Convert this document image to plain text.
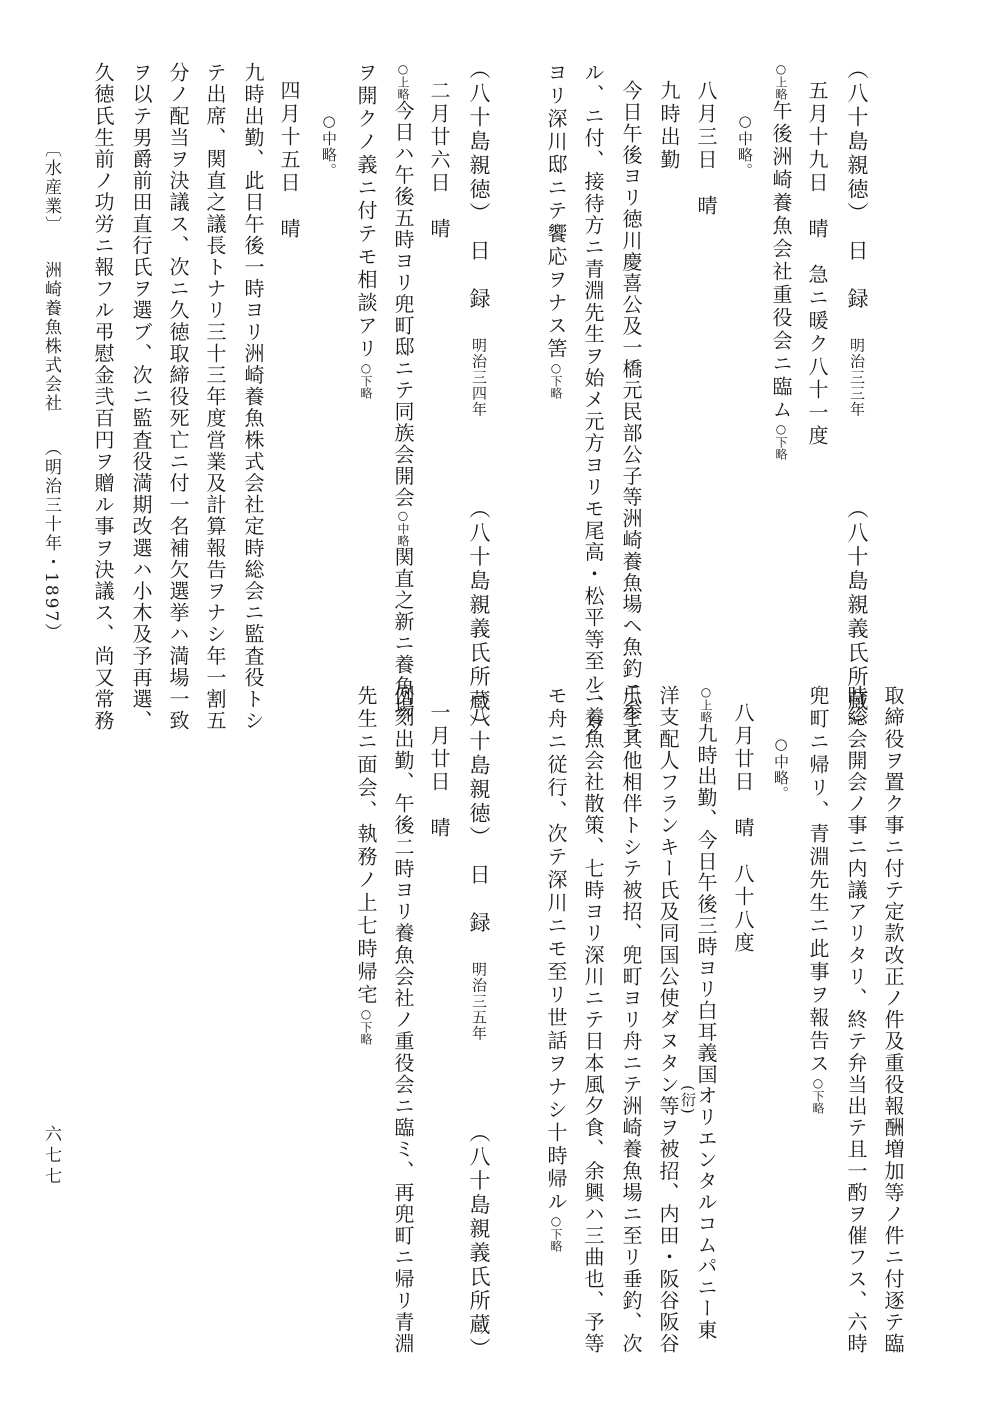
（八十島親徳）　日　録明治三三年（八十島親義氏所蔵）
五月十九日　晴　急ニ暖ク八十一度
○上略午後洲崎養魚会社重役会ニ臨ム○下略
○中略。
八月三日　晴
九時出勤
今日午後ヨリ徳川慶喜公及一橋元民部公子等洲崎養魚場ヘ魚釣ニ参ラ
ル、ニ付、接待方ニ青淵先生ヲ始メ元方ヨリモ尾高・松平等至ル、夕
ヨリ深川邸ニテ饗応ヲナス筈○下略
（八十島親徳）　日　録明治三四年（八十島親義氏所蔵）
二月廿六日　晴
○上略今日ハ午後五時ヨリ兜町邸ニテ同族会開会○中略関直之新ニ養魚場
ヲ開クノ義ニ付テモ相談アリ○下略
○中略。
四月十五日　晴
九時出勤、此日午後一時ヨリ洲崎養魚株式会社定時総会ニ監査役トシ
テ出席、関直之議長トナリ三十三年度営業及計算報告ヲナシ年一割五
分ノ配当ヲ決議ス、次ニ久徳取締役死亡ニ付一名補欠選挙ハ満場一致
ヲ以テ男爵前田直行氏ヲ選ブ、次ニ監査役満期改選ハ小木及予再選、
久徳氏生前ノ功労ニ報フル弔慰金弐百円ヲ贈ル事ヲ決議ス、尚又常務
〔水産業〕洲崎養魚株式会社（明治三十年・1897）
取締役ヲ置ク事ニ付テ定款改正ノ件及重役報酬増加等ノ件ニ付逐テ臨
時総会開会ノ事ニ内議アリタリ、終テ弁当出テ且一酌ヲ催フス、六時
兜町ニ帰リ、青淵先生ニ此事ヲ報告ス○下略
○中略。
八月廿日　晴　八十八度
○上略九時出勤、今日午後三時ヨリ白耳義国オリエンタルコムパニー東
(衍)
洋支配人フランキー氏及同国公使ダヌタン等ヲ被招、内田・阪谷阪谷
瓜生其他相伴トシテ被招、兜町ヨリ舟ニテ洲崎養魚場ニ至リ垂釣、次
ニ養魚会社散策、七時ヨリ深川ニテ日本風夕食、余興ハ三曲也、予等
モ舟ニ従行、次テ深川ニモ至リ世話ヲナシ十時帰ル○下略
（八十島親徳）　日　録明治三五年（八十島親義氏所蔵）
一月廿日　晴
例刻出勤、午後二時ヨリ養魚会社ノ重役会ニ臨ミ、再兜町ニ帰リ青淵
先生ニ面会、執務ノ上七時帰宅○下略
六七七
